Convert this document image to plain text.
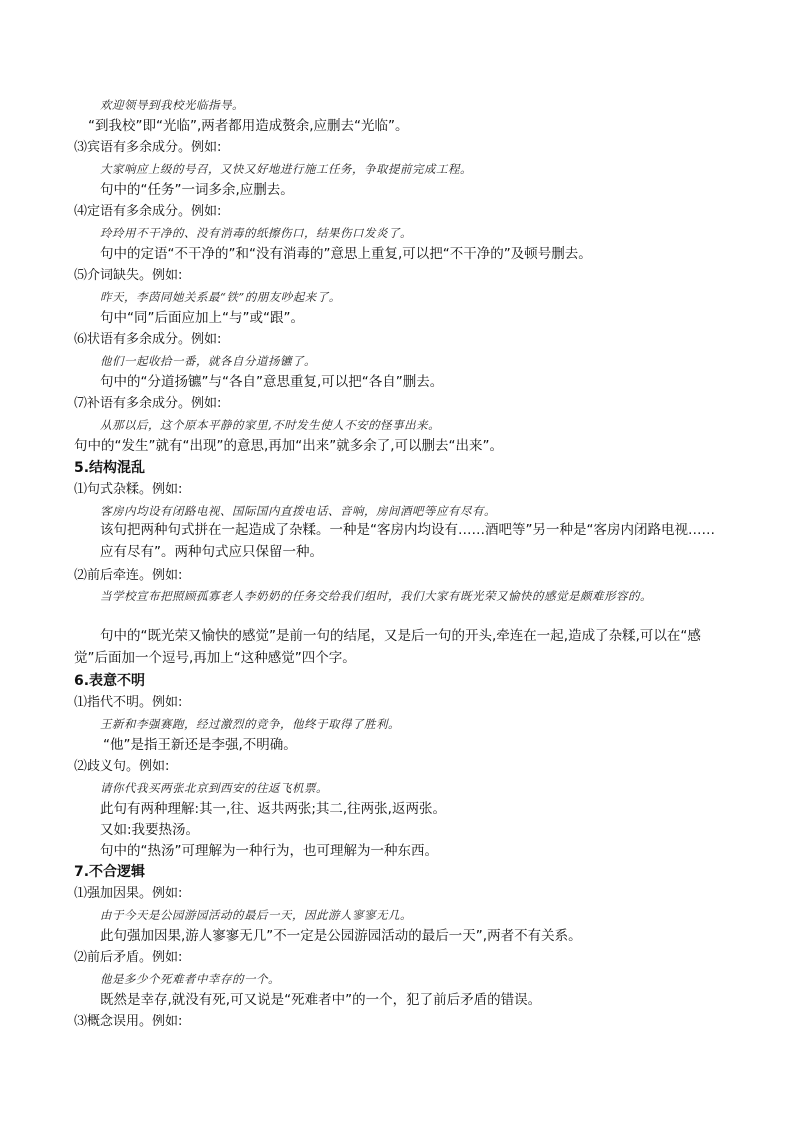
欢迎领导到我校光临指导。
“到我校”即“光临”,两者都用造成赘余,应删去“光临”。
⑶宾语有多余成分。例如:
大家响应上级的号召，又快又好地进行施工任务，争取提前完成工程。
句中的“任务”一词多余,应删去。
⑷定语有多余成分。例如:
玲玲用不干净的、没有消毒的纸擦伤口，结果伤口发炎了。
句中的定语“不干净的”和“没有消毒的”意思上重复,可以把“不干净的”及顿号删去。
⑸介词缺失。例如:
昨天，李茵同她关系最“铁”的朋友吵起来了。
句中“同”后面应加上“与”或“跟”。
⑹状语有多余成分。例如:
他们一起收拾一番，就各自分道扬镳了。
句中的“分道扬镳”与“各自”意思重复,可以把“各自”删去。
⑺补语有多余成分。例如:
从那以后，这个原本平静的家里,不时发生使人不安的怪事出来。
句中的“发生”就有“出现”的意思,再加“出来”就多余了,可以删去“出来”。
5.结构混乱
⑴句式杂糅。例如:
客房内均设有闭路电视、国际国内直拨电话、音响，房间酒吧等应有尽有。
该句把两种句式拼在一起造成了杂糅。一种是“客房内均设有……酒吧等”另一种是“客房内闭路电视……应有尽有”。两种句式应只保留一种。
⑵前后牵连。例如:
当学校宣布把照顾孤寡老人李奶奶的任务交给我们组时，我们大家有既光荣又愉快的感觉是颇难形容的。
句中的“既光荣又愉快的感觉”是前一句的结尾，又是后一句的开头,牵连在一起,造成了杂糅,可以在“感觉”后面加一个逗号,再加上“这种感觉”四个字。
6.表意不明
⑴指代不明。例如:
王新和李强赛跑，经过激烈的竞争，他终于取得了胜利。
“他”是指王新还是李强,不明确。
⑵歧义句。例如:
请你代我买两张北京到西安的往返飞机票。
此句有两种理解:其一,往、返共两张;其二,往两张,返两张。
又如:我要热汤。
句中的“热汤”可理解为一种行为，也可理解为一种东西。
7.不合逻辑
⑴强加因果。例如:
由于今天是公园游园活动的最后一天，因此游人寥寥无几。
此句强加因果,游人寥寥无几”不一定是公园游园活动的最后一天”,两者不有关系。
⑵前后矛盾。例如:
他是多少个死难者中幸存的一个。
既然是幸存,就没有死,可又说是“死难者中”的一个，犯了前后矛盾的错误。
⑶概念误用。例如:
